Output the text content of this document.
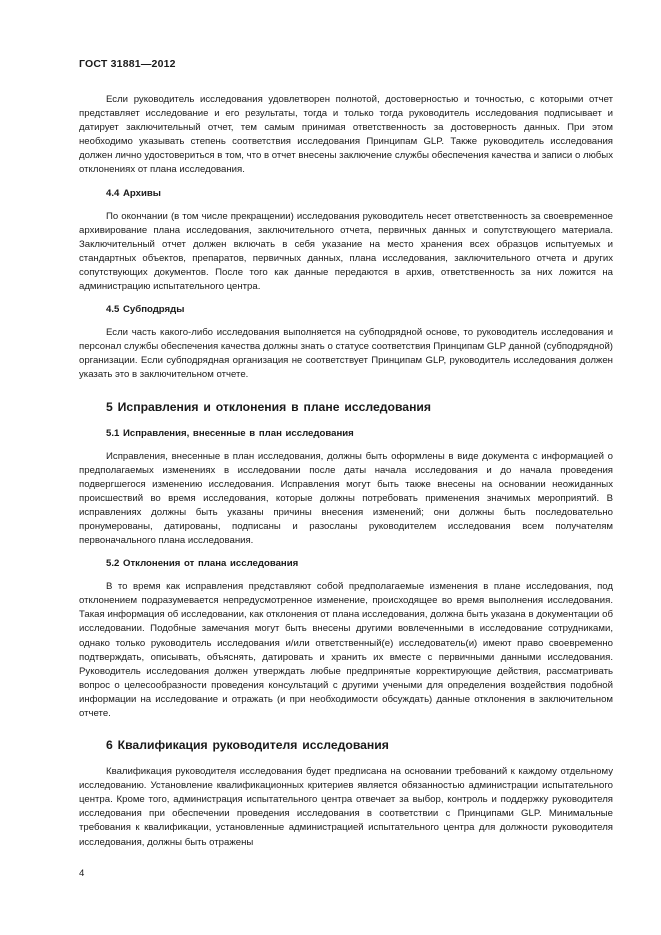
ГОСТ 31881—2012

Если руководитель исследования удовлетворен полнотой, достоверностью и точностью, с которыми отчет представляет исследование и его результаты, тогда и только тогда руководитель исследования подписывает и датирует заключительный отчет, тем самым принимая ответственность за достоверность данных. При этом необходимо указывать степень соответствия исследования Принципам GLP. Также руководитель исследования должен лично удостовериться в том, что в отчет внесены заключение службы обеспечения качества и записи о любых отклонениях от плана исследования.

4.4 Архивы

По окончании (в том числе прекращении) исследования руководитель несет ответственность за своевременное архивирование плана исследования, заключительного отчета, первичных данных и сопутствующего материала. Заключительный отчет должен включать в себя указание на место хранения всех образцов испытуемых и стандартных объектов, препаратов, первичных данных, плана исследования, заключительного отчета и других сопутствующих документов. После того как данные передаются в архив, ответственность за них ложится на администрацию испытательного центра.

4.5 Субподряды

Если часть какого-либо исследования выполняется на субподрядной основе, то руководитель исследования и персонал службы обеспечения качества должны знать о статусе соответствия Принципам GLP данной (субподрядной) организации. Если субподрядная организация не соответствует Принципам GLP, руководитель исследования должен указать это в заключительном отчете.

5 Исправления и отклонения в плане исследования
5.1 Исправления, внесенные в план исследования

Исправления, внесенные в план исследования, должны быть оформлены в виде документа с информацией о предполагаемых изменениях в исследовании после даты начала исследования и до начала проведения подвергшегося изменению исследования. Исправления могут быть также внесены на основании неожиданных происшествий во время исследования, которые должны потребовать применения значимых мероприятий. В исправлениях должны быть указаны причины внесения изменений; они должны быть последовательно пронумерованы, датированы, подписаны и разосланы руководителем исследования всем получателям первоначального плана исследования.

5.2 Отклонения от плана исследования

В то время как исправления представляют собой предполагаемые изменения в плане исследования, под отклонением подразумевается непредусмотренное изменение, происходящее во время выполнения исследования. Такая информация об исследовании, как отклонения от плана исследования, должна быть указана в документации об исследовании. Подобные замечания могут быть внесены другими вовлеченными в исследование сотрудниками, однако только руководитель исследования и/или ответственный(е) исследователь(и) имеют право своевременно подтверждать, описывать, объяснять, датировать и хранить их вместе с первичными данными исследования. Руководитель исследования должен утверждать любые предпринятые корректирующие действия, рассматривать вопрос о целесообразности проведения консультаций с другими учеными для определения воздействия подобной информации на исследование и отражать (и при необходимости обсуждать) данные отклонения в заключительном отчете.

6 Квалификация руководителя исследования

Квалификация руководителя исследования будет предписана на основании требований к каждому отдельному исследованию. Установление квалификационных критериев является обязанностью администрации испытательного центра. Кроме того, администрация испытательного центра отвечает за выбор, контроль и поддержку руководителя исследования при обеспечении проведения исследования в соответствии с Принципами GLP. Минимальные требования к квалификации, установленные администрацией испытательного центра для должности руководителя исследования, должны быть отражены

4
